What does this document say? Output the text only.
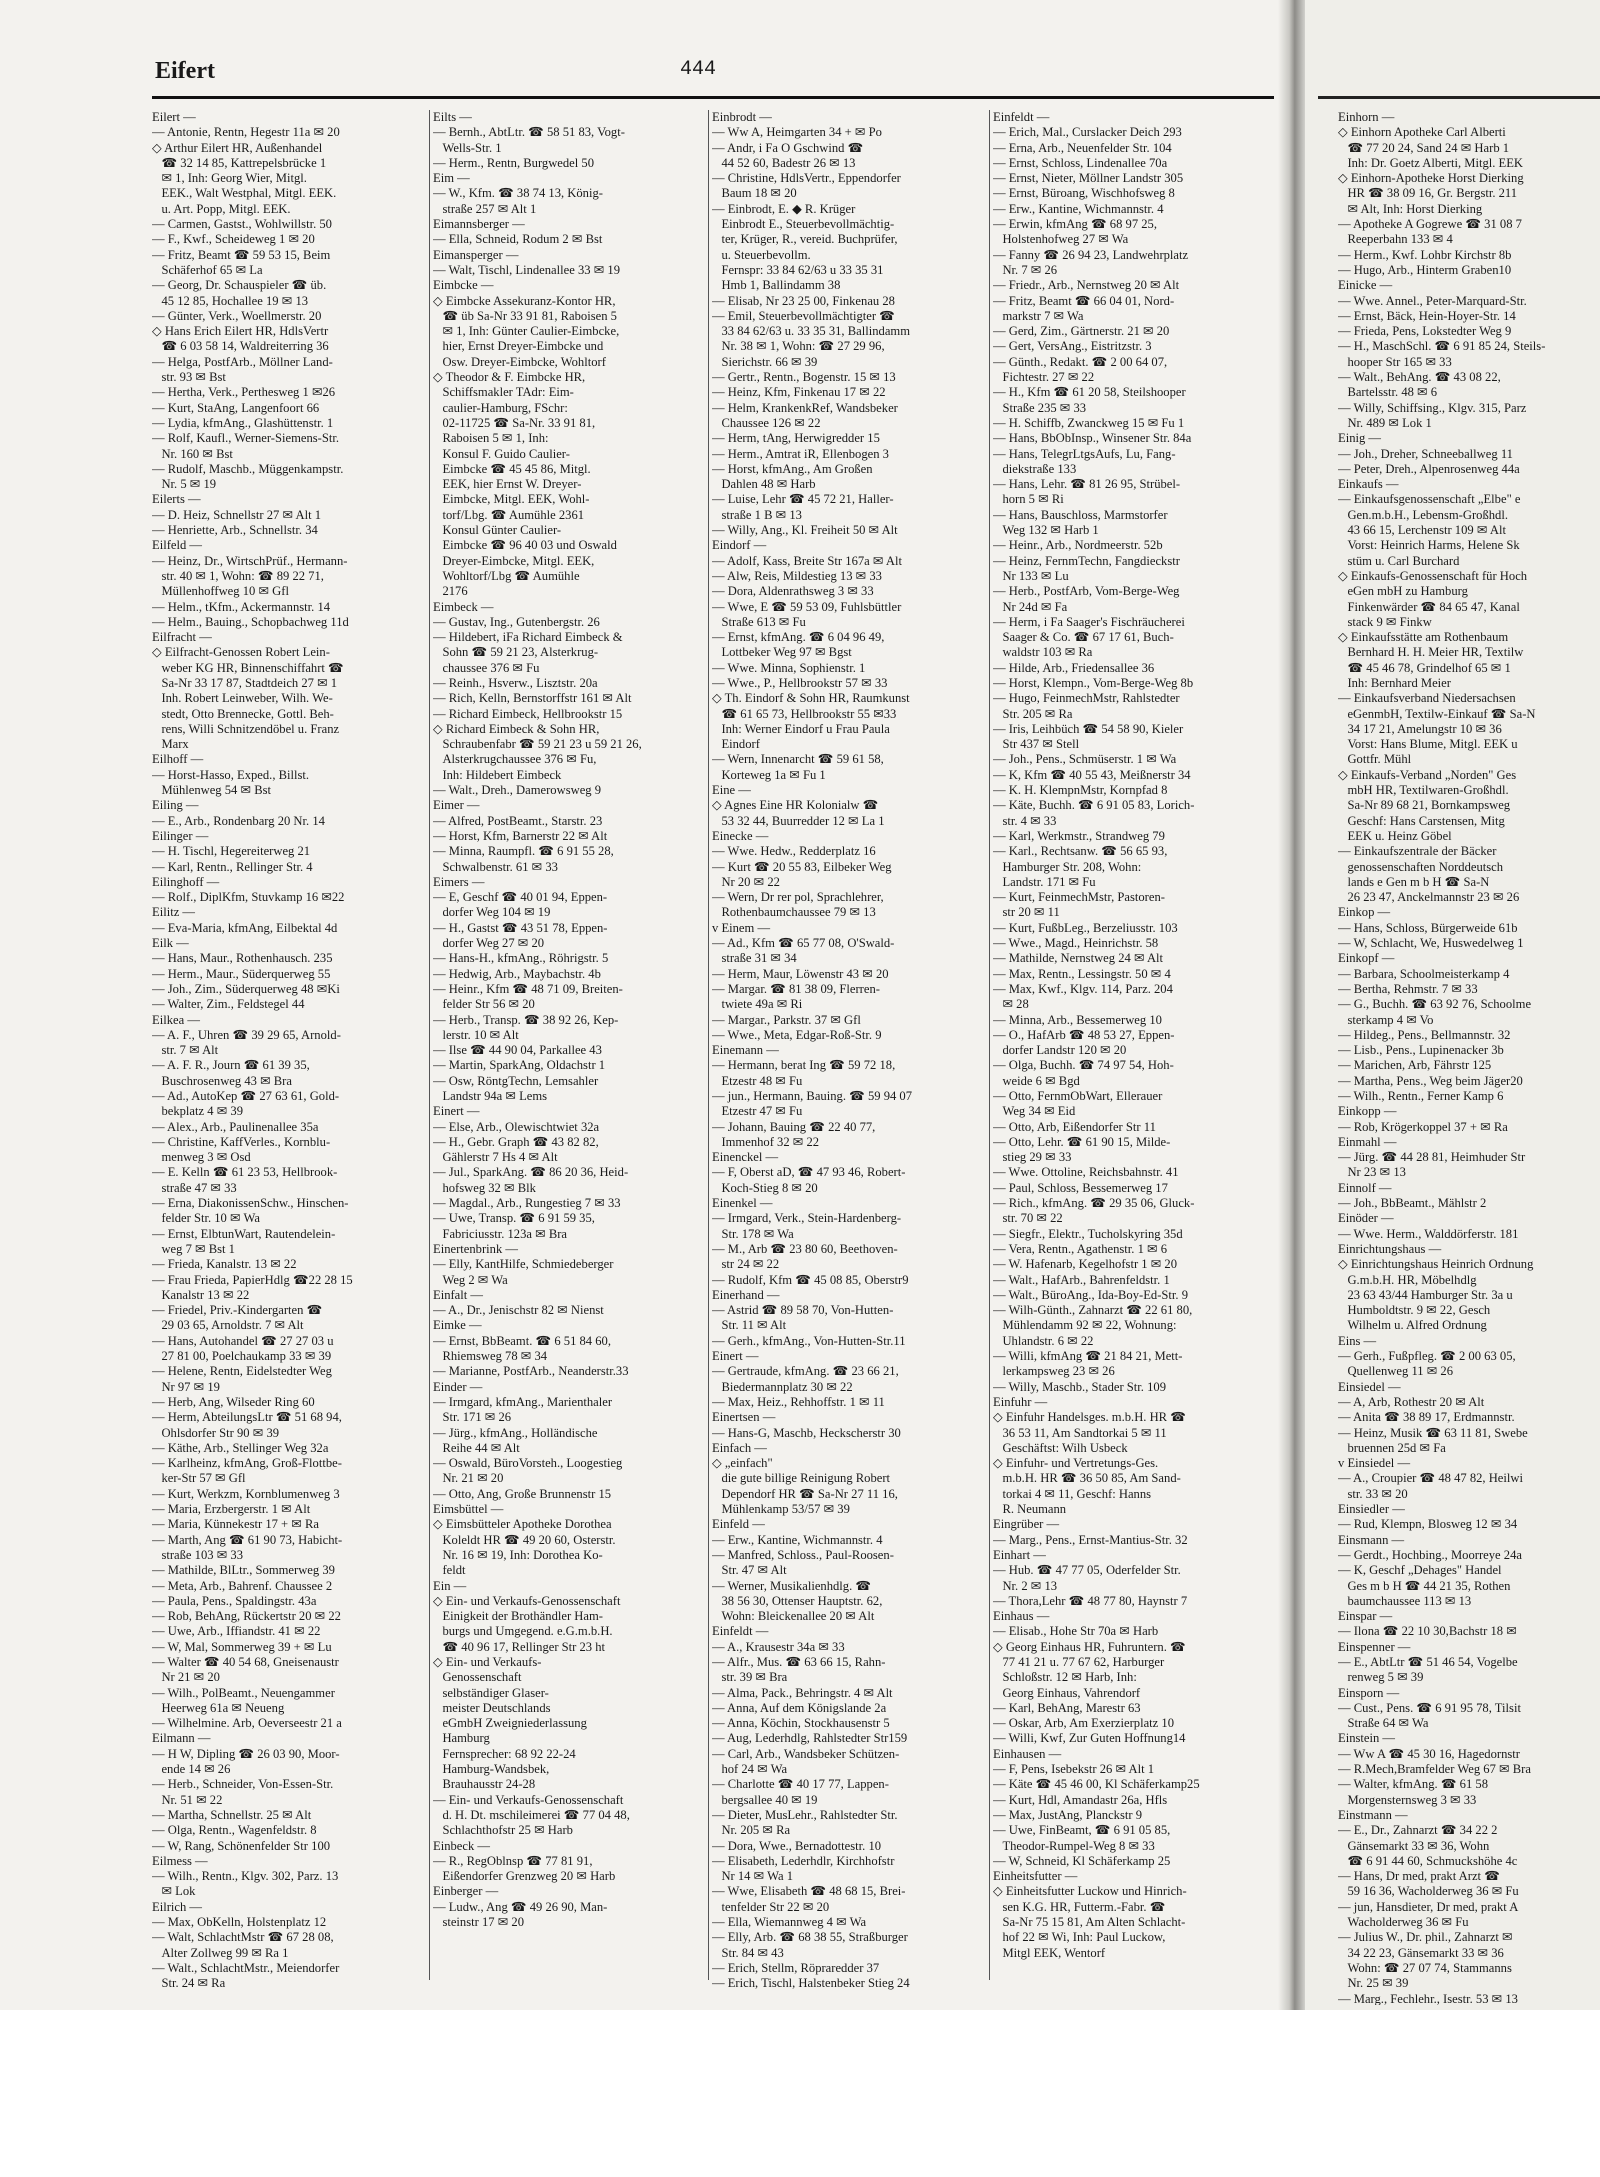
Eifert	444
Eilert —
— Antonie, Rentn, Hegestr 11a ✉ 20
◇ Arthur Eilert HR, Außenhandel
☎ 32 14 85, Kattrepelsbrücke 1
✉ 1, Inh: Georg Wier, Mitgl.
EEK., Walt Westphal, Mitgl. EEK.
u. Art. Popp, Mitgl. EEK.
— Carmen, Gastst., Wohlwillstr. 50
— F., Kwf., Scheideweg 1 ✉ 20
— Fritz, Beamt ☎ 59 53 15, Beim
Schäferhof 65 ✉ La
— Georg, Dr. Schauspieler ☎ üb.
45 12 85, Hochallee 19 ✉ 13
— Günter, Verk., Woellmerstr. 20
◇ Hans Erich Eilert HR, HdlsVertr
☎ 6 03 58 14, Waldreiterring 36
— Helga, PostfArb., Möllner Land-
str. 93 ✉ Bst
— Hertha, Verk., Perthesweg 1 ✉26
— Kurt, StaAng, Langenfoort 66
— Lydia, kfmAng., Glashüttenstr. 1
— Rolf, Kaufl., Werner-Siemens-Str.
Nr. 160 ✉ Bst
— Rudolf, Maschb., Müggenkampstr.
Nr. 5 ✉ 19
Eilerts —
— D. Heiz, Schnellstr 27 ✉ Alt 1
— Henriette, Arb., Schnellstr. 34
Eilfeld —
— Heinz, Dr., WirtschPrüf., Hermann-
str. 40 ✉ 1, Wohn: ☎ 89 22 71,
Müllenhoffweg 10 ✉ Gfl
— Helm., tKfm., Ackermannstr. 14
— Helm., Bauing., Schopbachweg 11d
Eilfracht —
◇ Eilfracht-Genossen Robert Lein-
weber KG HR, Binnenschiffahrt ☎
Sa-Nr 33 17 87, Stadtdeich 27 ✉ 1
Inh. Robert Leinweber, Wilh. We-
stedt, Otto Brennecke, Gottl. Beh-
rens, Willi Schnitzendöbel u. Franz
Marx
Eilhoff —
— Horst-Hasso, Exped., Billst.
Mühlenweg 54 ✉ Bst
Eiling —
— E., Arb., Rondenbarg 20 Nr. 14
Eilinger —
— H. Tischl, Hegereiterweg 21
— Karl, Rentn., Rellinger Str. 4
Eilinghoff —
— Rolf., DiplKfm, Stuvkamp 16 ✉22
Eilitz —
— Eva-Maria, kfmAng, Eilbektal 4d
Eilk —
— Hans, Maur., Rothenhausch. 235
— Herm., Maur., Süderquerweg 55
— Joh., Zim., Süderquerweg 48 ✉Ki
— Walter, Zim., Feldstegel 44
Eilkea —
— A. F., Uhren ☎ 39 29 65, Arnold-
str. 7 ✉ Alt
— A. F. R., Journ ☎ 61 39 35,
Buschrosenweg 43 ✉ Bra
— Ad., AutoKep ☎ 27 63 61, Gold-
bekplatz 4 ✉ 39
— Alex., Arb., Paulinenallee 35a
— Christine, KaffVerles., Kornblu-
menweg 3 ✉ Osd
— E. Kelln ☎ 61 23 53, Hellbrook-
straße 47 ✉ 33
— Erna, DiakonissenSchw., Hinschen-
felder Str. 10 ✉ Wa
— Ernst, ElbtunWart, Rautendelein-
weg 7 ✉ Bst 1
— Frieda, Kanalstr. 13 ✉ 22
— Frau Frieda, PapierHdlg ☎22 28 15
Kanalstr 13 ✉ 22
— Friedel, Priv.-Kindergarten ☎
29 03 65, Arnoldstr. 7 ✉ Alt
— Hans, Autohandel ☎ 27 27 03 u
27 81 00, Poelchaukamp 33 ✉ 39
— Helene, Rentn, Eidelstedter Weg
Nr 97 ✉ 19
— Herb, Ang, Wilseder Ring 60
— Herm, AbteilungsLtr ☎ 51 68 94,
Ohlsdorfer Str 90 ✉ 39
— Käthe, Arb., Stellinger Weg 32a
— Karlheinz, kfmAng, Groß-Flottbe-
ker-Str 57 ✉ Gfl
— Kurt, Werkzm, Kornblumenweg 3
— Maria, Erzbergerstr. 1 ✉ Alt
— Maria, Künnekestr 17 + ✉ Ra
— Marth, Ang ☎ 61 90 73, Habicht-
straße 103 ✉ 33
— Mathilde, BlLtr., Sommerweg 39
— Meta, Arb., Bahrenf. Chaussee 2
— Paula, Pens., Spaldingstr. 43a
— Rob, BehAng, Rückertstr 20 ✉ 22
— Uwe, Arb., Iffiandstr. 41 ✉ 22
— W, Mal, Sommerweg 39 + ✉ Lu
— Walter ☎ 40 54 68, Gneisenaustr
Nr 21 ✉ 20
— Wilh., PolBeamt., Neuengammer
Heerweg 61a ✉ Neueng
— Wilhelmine. Arb, Oeverseestr 21 a
Eilmann —
— H W, Dipling ☎ 26 03 90, Moor-
ende 14 ✉ 26
— Herb., Schneider, Von-Essen-Str.
Nr. 51 ✉ 22
— Martha, Schnellstr. 25 ✉ Alt
— Olga, Rentn., Wagenfeldstr. 8
— W, Rang, Schönenfelder Str 100
Eilmess —
— Wilh., Rentn., Klgv. 302, Parz. 13
✉ Lok
Eilrich —
— Max, ObKelln, Holstenplatz 12
— Walt, SchlachtMstr ☎ 67 28 08,
Alter Zollweg 99 ✉ Ra 1
— Walt., SchlachtMstr., Meiendorfer
Str. 24 ✉ Ra
Eilts —
— Bernh., AbtLtr. ☎ 58 51 83, Vogt-
Wells-Str. 1
— Herm., Rentn, Burgwedel 50
Eim —
— W., Kfm. ☎ 38 74 13, König-
straße 257 ✉ Alt 1
Eimannsberger —
— Ella, Schneid, Rodum 2 ✉ Bst
Eimansperger —
— Walt, Tischl, Lindenallee 33 ✉ 19
Eimbcke —
◇ Eimbcke Assekuranz-Kontor HR,
☎ üb Sa-Nr 33 91 81, Raboisen 5
✉ 1, Inh: Günter Caulier-Eimbcke,
hier, Ernst Dreyer-Eimbcke und
Osw. Dreyer-Eimbcke, Wohltorf
◇ Theodor & F. Eimbcke HR,
Schiffsmakler TAdr: Eim-
caulier-Hamburg, FSchr:
02-11725 ☎ Sa-Nr. 33 91 81,
Raboisen 5 ✉ 1, Inh:
Konsul F. Guido Caulier-
Eimbcke ☎ 45 45 86, Mitgl.
EEK, hier Ernst W. Dreyer-
Eimbcke, Mitgl. EEK, Wohl-
torf/Lbg. ☎ Aumühle 2361
Konsul Günter Caulier-
Eimbcke ☎ 96 40 03 und Oswald
Dreyer-Eimbcke, Mitgl. EEK,
Wohltorf/Lbg ☎ Aumühle
2176
Eimbeck —
— Gustav, Ing., Gutenbergstr. 26
— Hildebert, iFa Richard Eimbeck &
Sohn ☎ 59 21 23, Alsterkrug-
chaussee 376 ✉ Fu
— Reinh., Hsverw., Lisztstr. 20a
— Rich, Kelln, Bernstorffstr 161 ✉ Alt
— Richard Eimbeck, Hellbrookstr 15
◇ Richard Eimbeck & Sohn HR,
Schraubenfabr ☎ 59 21 23 u 59 21 26,
Alsterkrugchaussee 376 ✉ Fu,
Inh: Hildebert Eimbeck
— Walt., Dreh., Damerowsweg 9
Eimer —
— Alfred, PostBeamt., Starstr. 23
— Horst, Kfm, Barnerstr 22 ✉ Alt
— Minna, Raumpfl. ☎ 6 91 55 28,
Schwalbenstr. 61 ✉ 33
Eimers —
— E, Geschf ☎ 40 01 94, Eppen-
dorfer Weg 104 ✉ 19
— H., Gastst ☎ 43 51 78, Eppen-
dorfer Weg 27 ✉ 20
— Hans-H., kfmAng., Röhrigstr. 5
— Hedwig, Arb., Maybachstr. 4b
— Heinr., Kfm ☎ 48 71 09, Breiten-
felder Str 56 ✉ 20
— Herb., Transp. ☎ 38 92 26, Kep-
lerstr. 10 ✉ Alt
— Ilse ☎ 44 90 04, Parkallee 43
— Martin, SparkAng, Oldachstr 1
— Osw, RöntgTechn, Lemsahler
Landstr 94a ✉ Lems
Einert —
— Else, Arb., Olewischtwiet 32a
— H., Gebr. Graph ☎ 43 82 82,
Gählerstr 7 Hs 4 ✉ Alt
— Jul., SparkAng. ☎ 86 20 36, Heid-
hofsweg 32 ✉ Blk
— Magdal., Arb., Rungestieg 7 ✉ 33
— Uwe, Transp. ☎ 6 91 59 35,
Fabriciusstr. 123a ✉ Bra
Einertenbrink —
— Elly, KantHilfe, Schmiedeberger
Weg 2 ✉ Wa
Einfalt —
— A., Dr., Jenischstr 82 ✉ Nienst
Eimke —
— Ernst, BbBeamt. ☎ 6 51 84 60,
Rhiemsweg 78 ✉ 34
— Marianne, PostfArb., Neanderstr.33
Einder —
— Irmgard, kfmAng., Marienthaler
Str. 171 ✉ 26
— Jürg., kfmAng., Holländische
Reihe 44 ✉ Alt
— Oswald, BüroVorsteh., Loogestieg
Nr. 21 ✉ 20
— Otto, Ang, Große Brunnenstr 15
Eimsbüttel —
◇ Eimsbütteler Apotheke Dorothea
Koleldt HR ☎ 49 20 60, Osterstr.
Nr. 16 ✉ 19, Inh: Dorothea Ko-
feldt
Ein —
◇ Ein- und Verkaufs-Genossenschaft
Einigkeit der Brothändler Ham-
burgs und Umgegend. e.G.m.b.H.
☎ 40 96 17, Rellinger Str 23 ht
◇ Ein- und Verkaufs-
Genossenschaft
selbständiger Glaser-
meister Deutschlands
eGmbH Zweigniederlassung
Hamburg
Fernsprecher: 68 92 22-24
Hamburg-Wandsbek,
Brauhausstr 24-28
— Ein- und Verkaufs-Genossenschaft
d. H. Dt. mschileimerei ☎ 77 04 48,
Schlachthofstr 25 ✉ Harb
Einbeck —
— R., RegOblnsp ☎ 77 81 91,
Eißendorfer Grenzweg 20 ✉ Harb
Einberger —
— Ludw., Ang ☎ 49 26 90, Man-
steinstr 17 ✉ 20
Einbrodt —
— Ww A, Heimgarten 34 + ✉ Po
— Andr, i Fa O Gschwind ☎
44 52 60, Badestr 26 ✉ 13
— Christine, HdlsVertr., Eppendorfer
Baum 18 ✉ 20
— Einbrodt, E. ◆ R. Krüger
Einbrodt E., Steuerbevollmächtig-
ter, Krüger, R., vereid. Buchprüfer,
u. Steuerbevollm.
Fernspr: 33 84 62/63 u 33 35 31
Hmb 1, Ballindamm 38
— Elisab, Nr 23 25 00, Finkenau 28
— Emil, Steuerbevollmächtigter ☎
33 84 62/63 u. 33 35 31, Ballindamm
Nr. 38 ✉ 1, Wohn: ☎ 27 29 96,
Sierichstr. 66 ✉ 39
— Gertr., Rentn., Bogenstr. 15 ✉ 13
— Heinz, Kfm, Finkenau 17 ✉ 22
— Helm, KrankenkRef, Wandsbeker
Chaussee 126 ✉ 22
— Herm, tAng, Herwigredder 15
— Herm., Amtrat iR, Ellenbogen 3
— Horst, kfmAng., Am Großen
Dahlen 48 ✉ Harb
— Luise, Lehr ☎ 45 72 21, Haller-
straße 1 B ✉ 13
— Willy, Ang., Kl. Freiheit 50 ✉ Alt
Eindorf —
— Adolf, Kass, Breite Str 167a ✉ Alt
— Alw, Reis, Mildestieg 13 ✉ 33
— Dora, Aldenrathsweg 3 ✉ 33
— Wwe, E ☎ 59 53 09, Fuhlsbüttler
Straße 613 ✉ Fu
— Ernst, kfmAng. ☎ 6 04 96 49,
Lottbeker Weg 97 ✉ Bgst
— Wwe. Minna, Sophienstr. 1
— Wwe., P., Hellbrookstr 57 ✉ 33
◇ Th. Eindorf & Sohn HR, Raumkunst
☎ 61 65 73, Hellbrookstr 55 ✉33
Inh: Werner Eindorf u Frau Paula
Eindorf
— Wern, Innenarcht ☎ 59 61 58,
Korteweg 1a ✉ Fu 1
Eine —
◇ Agnes Eine HR Kolonialw ☎
53 32 44, Buurredder 12 ✉ La 1
Einecke —
— Wwe. Hedw., Redderplatz 16
— Kurt ☎ 20 55 83, Eilbeker Weg
Nr 20 ✉ 22
— Wern, Dr rer pol, Sprachlehrer,
Rothenbaumchaussee 79 ✉ 13
v Einem —
— Ad., Kfm ☎ 65 77 08, O'Swald-
straße 31 ✉ 34
— Herm, Maur, Löwenstr 43 ✉ 20
— Margar. ☎ 81 38 09, Flerren-
twiete 49a ✉ Ri
— Margar., Parkstr. 37 ✉ Gfl
— Wwe., Meta, Edgar-Roß-Str. 9
Einemann —
— Hermann, berat Ing ☎ 59 72 18,
Etzestr 48 ✉ Fu
— jun., Hermann, Bauing. ☎ 59 94 07
Etzestr 47 ✉ Fu
— Johann, Bauing ☎ 22 40 77,
Immenhof 32 ✉ 22
Einenckel —
— F, Oberst aD, ☎ 47 93 46, Robert-
Koch-Stieg 8 ✉ 20
Einenkel —
— Irmgard, Verk., Stein-Hardenberg-
Str. 178 ✉ Wa
— M., Arb ☎ 23 80 60, Beethoven-
str 24 ✉ 22
— Rudolf, Kfm ☎ 45 08 85, Oberstr9
Einerhand —
— Astrid ☎ 89 58 70, Von-Hutten-
Str. 11 ✉ Alt
— Gerh., kfmAng., Von-Hutten-Str.11
Einert —
— Gertraude, kfmAng. ☎ 23 66 21,
Biedermannplatz 30 ✉ 22
— Max, Heiz., Rehhoffstr. 1 ✉ 11
Einertsen —
— Hans-G, Maschb, Heckscherstr 30
Einfach —
◇ „einfach"
die gute billige Reinigung Robert
Dependorf HR ☎ Sa-Nr 27 11 16,
Mühlenkamp 53/57 ✉ 39
Einfeld —
— Erw., Kantine, Wichmannstr. 4
— Manfred, Schloss., Paul-Roosen-
Str. 47 ✉ Alt
— Werner, Musikalienhdlg. ☎
38 56 30, Ottenser Hauptstr. 62,
Wohn: Bleickenallee 20 ✉ Alt
Einfeldt —
— A., Krausestr 34a ✉ 33
— Alfr., Mus. ☎ 63 66 15, Rahn-
str. 39 ✉ Bra
— Alma, Pack., Behringstr. 4 ✉ Alt
— Anna, Auf dem Königslande 2a
— Anna, Köchin, Stockhausenstr 5
— Aug, Lederhdlg, Rahlstedter Str159
— Carl, Arb., Wandsbeker Schützen-
hof 24 ✉ Wa
— Charlotte ☎ 40 17 77, Lappen-
bergsallee 40 ✉ 19
— Dieter, MusLehr., Rahlstedter Str.
Nr. 205 ✉ Ra
— Dora, Wwe., Bernadottestr. 10
— Elisabeth, Lederhdlr, Kirchhofstr
Nr 14 ✉ Wa 1
— Wwe, Elisabeth ☎ 48 68 15, Brei-
tenfelder Str 22 ✉ 20
— Ella, Wiemannweg 4 ✉ Wa
— Elly, Arb. ☎ 68 38 55, Straßburger
Str. 84 ✉ 43
— Erich, Stellm, Röpraredder 37
— Erich, Tischl, Halstenbeker Stieg 24
Einfeldt —
— Erich, Mal., Curslacker Deich 293
— Erna, Arb., Neuenfelder Str. 104
— Ernst, Schloss, Lindenallee 70a
— Ernst, Nieter, Möllner Landstr 305
— Ernst, Büroang, Wischhofsweg 8
— Erw., Kantine, Wichmannstr. 4
— Erwin, kfmAng ☎ 68 97 25,
Holstenhofweg 27 ✉ Wa
— Fanny ☎ 26 94 23, Landwehrplatz
Nr. 7 ✉ 26
— Friedr., Arb., Nernstweg 20 ✉ Alt
— Fritz, Beamt ☎ 66 04 01, Nord-
markstr 7 ✉ Wa
— Gerd, Zim., Gärtnerstr. 21 ✉ 20
— Gert, VersAng., Eistritzstr. 3
— Günth., Redakt. ☎ 2 00 64 07,
Fichtestr. 27 ✉ 22
— H., Kfm ☎ 61 20 58, Steilshooper
Straße 235 ✉ 33
— H. Schiffb, Zwanckweg 15 ✉ Fu 1
— Hans, BbObInsp., Winsener Str. 84a
— Hans, TelegrLtgsAufs, Lu, Fang-
diekstraße 133
— Hans, Lehr. ☎ 81 26 95, Strübel-
horn 5 ✉ Ri
— Hans, Bauschloss, Marmstorfer
Weg 132 ✉ Harb 1
— Heinr., Arb., Nordmeerstr. 52b
— Heinz, FernmTechn, Fangdieckstr
Nr 133 ✉ Lu
— Herb., PostfArb, Vom-Berge-Weg
Nr 24d ✉ Fa
— Herm, i Fa Saager's Fischräucherei
Saager & Co. ☎ 67 17 61, Buch-
waldstr 103 ✉ Ra
— Hilde, Arb., Friedensallee 36
— Horst, Klempn., Vom-Berge-Weg 8b
— Hugo, FeinmechMstr, Rahlstedter
Str. 205 ✉ Ra
— Iris, Leihbüch ☎ 54 58 90, Kieler
Str 437 ✉ Stell
— Joh., Pens., Schmüserstr. 1 ✉ Wa
— K, Kfm ☎ 40 55 43, Meißnerstr 34
— K. H. KlempnMstr, Kornpfad 8
— Käte, Buchh. ☎ 6 91 05 83, Lorich-
str. 4 ✉ 33
— Karl, Werkmstr., Strandweg 79
— Karl., Rechtsanw. ☎ 56 65 93,
Hamburger Str. 208, Wohn:
Landstr. 171 ✉ Fu
— Kurt, FeinmechMstr, Pastoren-
str 20 ✉ 11
— Kurt, FußbLeg., Berzeliusstr. 103
— Wwe., Magd., Heinrichstr. 58
— Mathilde, Nernstweg 24 ✉ Alt
— Max, Rentn., Lessingstr. 50 ✉ 4
— Max, Kwf., Klgv. 114, Parz. 204
✉ 28
— Minna, Arb., Bessemerweg 10
— O., HafArb ☎ 48 53 27, Eppen-
dorfer Landstr 120 ✉ 20
— Olga, Buchh. ☎ 74 97 54, Hoh-
weide 6 ✉ Bgd
— Otto, FernmObWart, Ellerauer
Weg 34 ✉ Eid
— Otto, Arb, Eißendorfer Str 11
— Otto, Lehr. ☎ 61 90 15, Milde-
stieg 29 ✉ 33
— Wwe. Ottoline, Reichsbahnstr. 41
— Paul, Schloss, Bessemerweg 17
— Rich., kfmAng. ☎ 29 35 06, Gluck-
str. 70 ✉ 22
— Siegfr., Elektr., Tucholskyring 35d
— Vera, Rentn., Agathenstr. 1 ✉ 6
— W. Hafenarb, Kegelhofstr 1 ✉ 20
— Walt., HafArb., Bahrenfeldstr. 1
— Walt., BüroAng., Ida-Boy-Ed-Str. 9
— Wilh-Günth., Zahnarzt ☎ 22 61 80,
Mühlendamm 92 ✉ 22, Wohnung:
Uhlandstr. 6 ✉ 22
— Willi, kfmAng ☎ 21 84 21, Mett-
lerkampsweg 23 ✉ 26
— Willy, Maschb., Stader Str. 109
Einfuhr —
◇ Einfuhr Handelsges. m.b.H. HR ☎
36 53 11, Am Sandtorkai 5 ✉ 11
Geschäftst: Wilh Usbeck
◇ Einfuhr- und Vertretungs-Ges.
m.b.H. HR ☎ 36 50 85, Am Sand-
torkai 4 ✉ 11, Geschf: Hanns
R. Neumann
Eingrüber —
— Marg., Pens., Ernst-Mantius-Str. 32
Einhart —
— Hub. ☎ 47 77 05, Oderfelder Str.
Nr. 2 ✉ 13
— Thora,Lehr ☎ 48 77 80, Haynstr 7
Einhaus —
— Elisab., Hohe Str 70a ✉ Harb
◇ Georg Einhaus HR, Fuhruntern. ☎
77 41 21 u. 77 67 62, Harburger
Schloßstr. 12 ✉ Harb, Inh:
Georg Einhaus, Vahrendorf
— Karl, BehAng, Marestr 63
— Oskar, Arb, Am Exerzierplatz 10
— Willi, Kwf, Zur Guten Hoffnung14
Einhausen —
— F, Pens, Isebekstr 26 ✉ Alt 1
— Käte ☎ 45 46 00, Kl Schäferkamp25
— Kurt, Hdl, Amandastr 26a, Hfls
— Max, JustAng, Planckstr 9
— Uwe, FinBeamt, ☎ 6 91 05 85,
Theodor-Rumpel-Weg 8 ✉ 33
— W, Schneid, Kl Schäferkamp 25
Einheitsfutter —
◇ Einheitsfutter Luckow und Hinrich-
sen K.G. HR, Futterm.-Fabr. ☎
Sa-Nr 75 15 81, Am Alten Schlacht-
hof 22 ✉ Wi, Inh: Paul Luckow,
Mitgl EEK, Wentorf
Einhorn —
◇ Einhorn Apotheke Carl Alberti
☎ 77 20 24, Sand 24 ✉ Harb 1
Inh: Dr. Goetz Alberti, Mitgl. EEK
◇ Einhorn-Apotheke Horst Dierking
HR ☎ 38 09 16, Gr. Bergstr. 211
✉ Alt, Inh: Horst Dierking
— Apotheke A Gogrewe ☎ 31 08 7
Reeperbahn 133 ✉ 4
— Herm., Kwf. Lohbr Kirchstr 8b
— Hugo, Arb., Hinterm Graben10
Einicke —
— Wwe. Annel., Peter-Marquard-Str.
— Ernst, Bäck, Hein-Hoyer-Str. 14
— Frieda, Pens, Lokstedter Weg 9
— H., MaschSchl. ☎ 6 91 85 24, Steils-
hooper Str 165 ✉ 33
— Walt., BehAng. ☎ 43 08 22,
Bartelsstr. 48 ✉ 6
— Willy, Schiffsing., Klgv. 315, Parz
Nr. 489 ✉ Lok 1
Einig —
— Joh., Dreher, Schneeballweg 11
— Peter, Dreh., Alpenrosenweg 44a
Einkaufs —
— Einkaufsgenossenschaft „Elbe" e
Gen.m.b.H., Lebensm-Großhdl.
43 66 15, Lerchenstr 109 ✉ Alt
Vorst: Heinrich Harms, Helene Sk
stüm u. Carl Burchard
◇ Einkaufs-Genossenschaft für Hoch
eGen mbH zu Hamburg
Finkenwärder ☎ 84 65 47, Kanal
stack 9 ✉ Finkw
◇ Einkaufsstätte am Rothenbaum
Bernhard H. H. Meier HR, Textilw
☎ 45 46 78, Grindelhof 65 ✉ 1
Inh: Bernhard Meier
— Einkaufsverband Niedersachsen
eGenmbH, Textilw-Einkauf ☎ Sa-N
34 17 21, Amelungstr 10 ✉ 36
Vorst: Hans Blume, Mitgl. EEK u
Gottfr. Mühl
◇ Einkaufs-Verband „Norden" Ges
mbH HR, Textilwaren-Großhdl.
Sa-Nr 89 68 21, Bornkampsweg
Geschf: Hans Carstensen, Mitg
EEK u. Heinz Göbel
— Einkaufszentrale der Bäcker
genossenschaften Norddeutsch
lands e Gen m b H ☎ Sa-N
26 23 47, Anckelmannstr 23 ✉ 26
Einkop —
— Hans, Schloss, Bürgerweide 61b
— W, Schlacht, We, Huswedelweg 1
Einkopf —
— Barbara, Schoolmeisterkamp 4
— Bertha, Rehmstr. 7 ✉ 33
— G., Buchh. ☎ 63 92 76, Schoolme
sterkamp 4 ✉ Vo
— Hildeg., Pens., Bellmannstr. 32
— Lisb., Pens., Lupinenacker 3b
— Marichen, Arb, Fährstr 125
— Martha, Pens., Weg beim Jäger20
— Wilh., Rentn., Ferner Kamp 6
Einkopp —
— Rob, Krögerkoppel 37 + ✉ Ra
Einmahl —
— Jürg. ☎ 44 28 81, Heimhuder Str
Nr 23 ✉ 13
Einnolf —
— Joh., BbBeamt., Mählstr 2
Einöder —
— Wwe. Herm., Walddörferstr. 181
Einrichtungshaus —
◇ Einrichtungshaus Heinrich Ordnung
G.m.b.H. HR, Möbelhdlg
23 63 43/44 Hamburger Str. 3a u
Humboldtstr. 9 ✉ 22, Gesch
Wilhelm u. Alfred Ordnung
Eins —
— Gerh., Fußpfleg. ☎ 2 00 63 05,
Quellenweg 11 ✉ 26
Einsiedel —
— A, Arb, Rothestr 20 ✉ Alt
— Anita ☎ 38 89 17, Erdmannstr.
— Heinz, Musik ☎ 63 11 81, Swebe
bruennen 25d ✉ Fa
v Einsiedel —
— A., Croupier ☎ 48 47 82, Heilwi
str. 33 ✉ 20
Einsiedler —
— Rud, Klempn, Blosweg 12 ✉ 34
Einsmann —
— Gerdt., Hochbing., Moorreye 24a
— K, Geschf „Dehages" Handel
Ges m b H ☎ 44 21 35, Rothen
baumchaussee 113 ✉ 13
Einspar —
— Ilona ☎ 22 10 30,Bachstr 18 ✉
Einspenner —
— E., AbtLtr ☎ 51 46 54, Vogelbe
renweg 5 ✉ 39
Einsporn —
— Cust., Pens. ☎ 6 91 95 78, Tilsit
Straße 64 ✉ Wa
Einstein —
— Ww A ☎ 45 30 16, Hagedornstr
— R.Mech,Bramfelder Weg 67 ✉ Bra
— Walter, kfmAng. ☎ 61 58
Morgensternsweg 3 ✉ 33
Einstmann —
— E., Dr., Zahnarzt ☎ 34 22 2
Gänsemarkt 33 ✉ 36, Wohn
☎ 6 91 44 60, Schmuckshöhe 4c
— Hans, Dr med, prakt Arzt ☎
59 16 36, Wacholderweg 36 ✉ Fu
— jun, Hansdieter, Dr med, prakt A
Wacholderweg 36 ✉ Fu
— Julius W., Dr. phil., Zahnarzt ✉
34 22 23, Gänsemarkt 33 ✉ 36
Wohn: ☎ 27 07 74, Stammanns
Nr. 25 ✉ 39
— Marg., Fechlehr., Isestr. 53 ✉ 13
